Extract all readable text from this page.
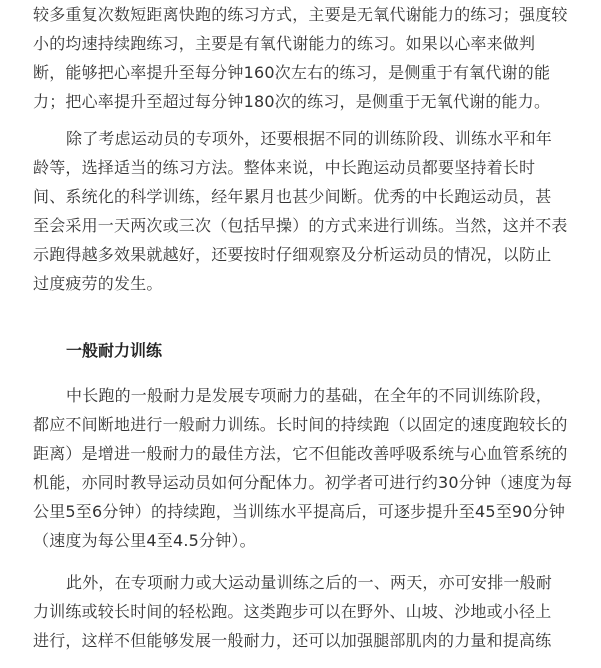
较多重复次数短距离快跑的练习方式，主要是无氧代谢能力的练习；强度较
小的均速持续跑练习，主要是有氧代谢能力的练习。如果以心率来做判
断，能够把心率提升至每分钟160次左右的练习，是侧重于有氧代谢的能
力；把心率提升至超过每分钟180次的练习，是侧重于无氧代谢的能力。
除了考虑运动员的专项外，还要根据不同的训练阶段、训练水平和年
龄等，选择适当的练习方法。整体来说，中长跑运动员都要坚持着长时
间、系统化的科学训练，经年累月也甚少间断。优秀的中长跑运动员，甚
至会采用一天两次或三次（包括早操）的方式来进行训练。当然，这并不表
示跑得越多效果就越好，还要按时仔细观察及分析运动员的情况，以防止
过度疲劳的发生。
一般耐力训练
中长跑的一般耐力是发展专项耐力的基础，在全年的不同训练阶段，
都应不间断地进行一般耐力训练。长时间的持续跑（以固定的速度跑较长的
距离）是增进一般耐力的最佳方法，它不但能改善呼吸系统与心血管系统的
机能，亦同时教导运动员如何分配体力。初学者可进行约30分钟（速度为每
公里5至6分钟）的持续跑，当训练水平提高后，可逐步提升至45至90分钟
（速度为每公里4至4.5分钟）。
此外，在专项耐力或大运动量训练之后的一、两天，亦可安排一般耐
力训练或较长时间的轻松跑。这类跑步可以在野外、山坡、沙地或小径上
进行，这样不但能够发展一般耐力，还可以加强腿部肌肉的力量和提高练
